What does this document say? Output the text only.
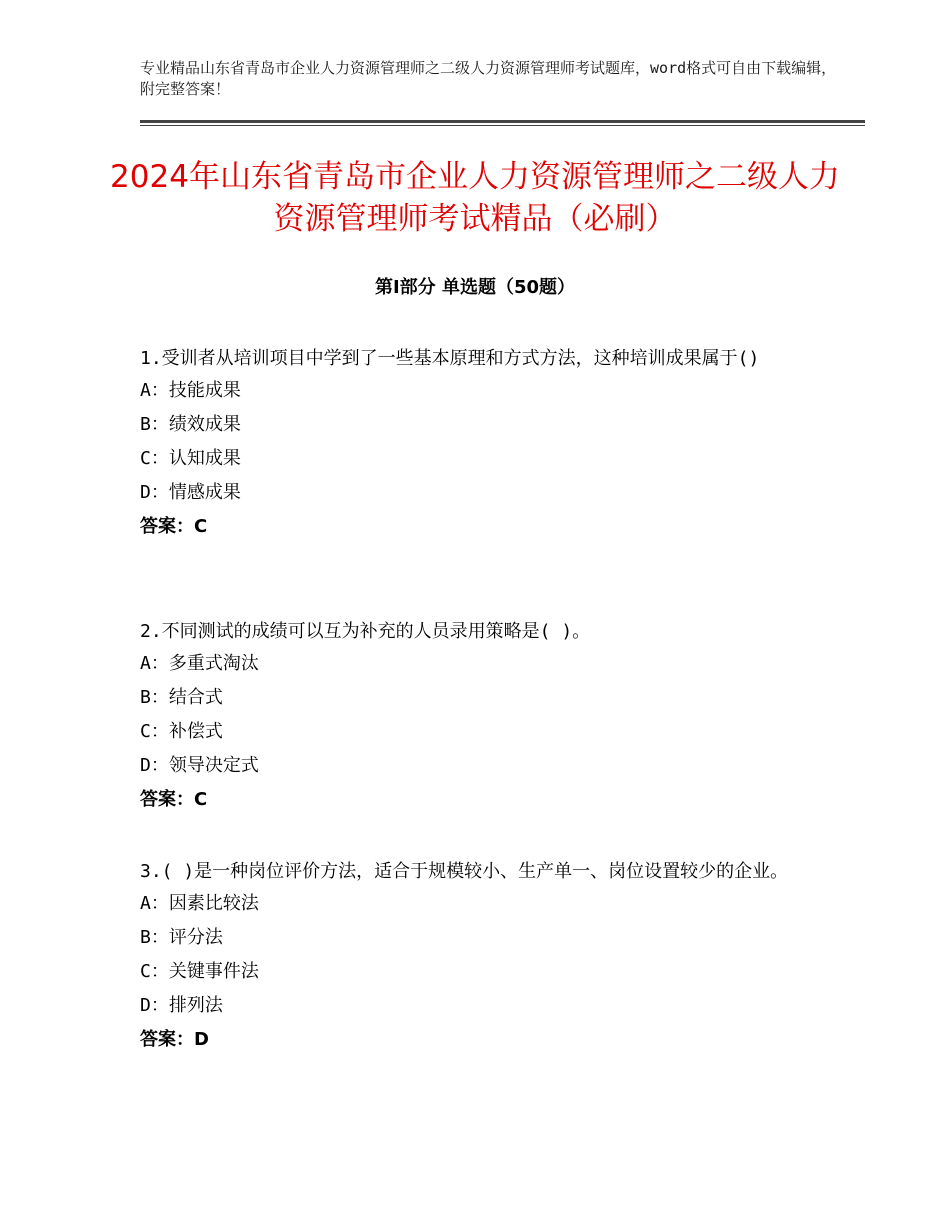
专业精品山东省青岛市企业人力资源管理师之二级人力资源管理师考试题库，word格式可自由下载编辑，附完整答案！
2024年山东省青岛市企业人力资源管理师之二级人力资源管理师考试精品（必刷）
第Ⅰ部分 单选题（50题）

1.受训者从培训项目中学到了一些基本原理和方式方法，这种培训成果属于()

A：技能成果

B：绩效成果

C：认知成果

D：情感成果

答案：C

2.不同测试的成绩可以互为补充的人员录用策略是( )。

A：多重式淘汰

B：结合式

C：补偿式

D：领导决定式

答案：C

3.( )是一种岗位评价方法，适合于规模较小、生产单一、岗位设置较少的企业。

A：因素比较法

B：评分法

C：关键事件法

D：排列法

答案：D
